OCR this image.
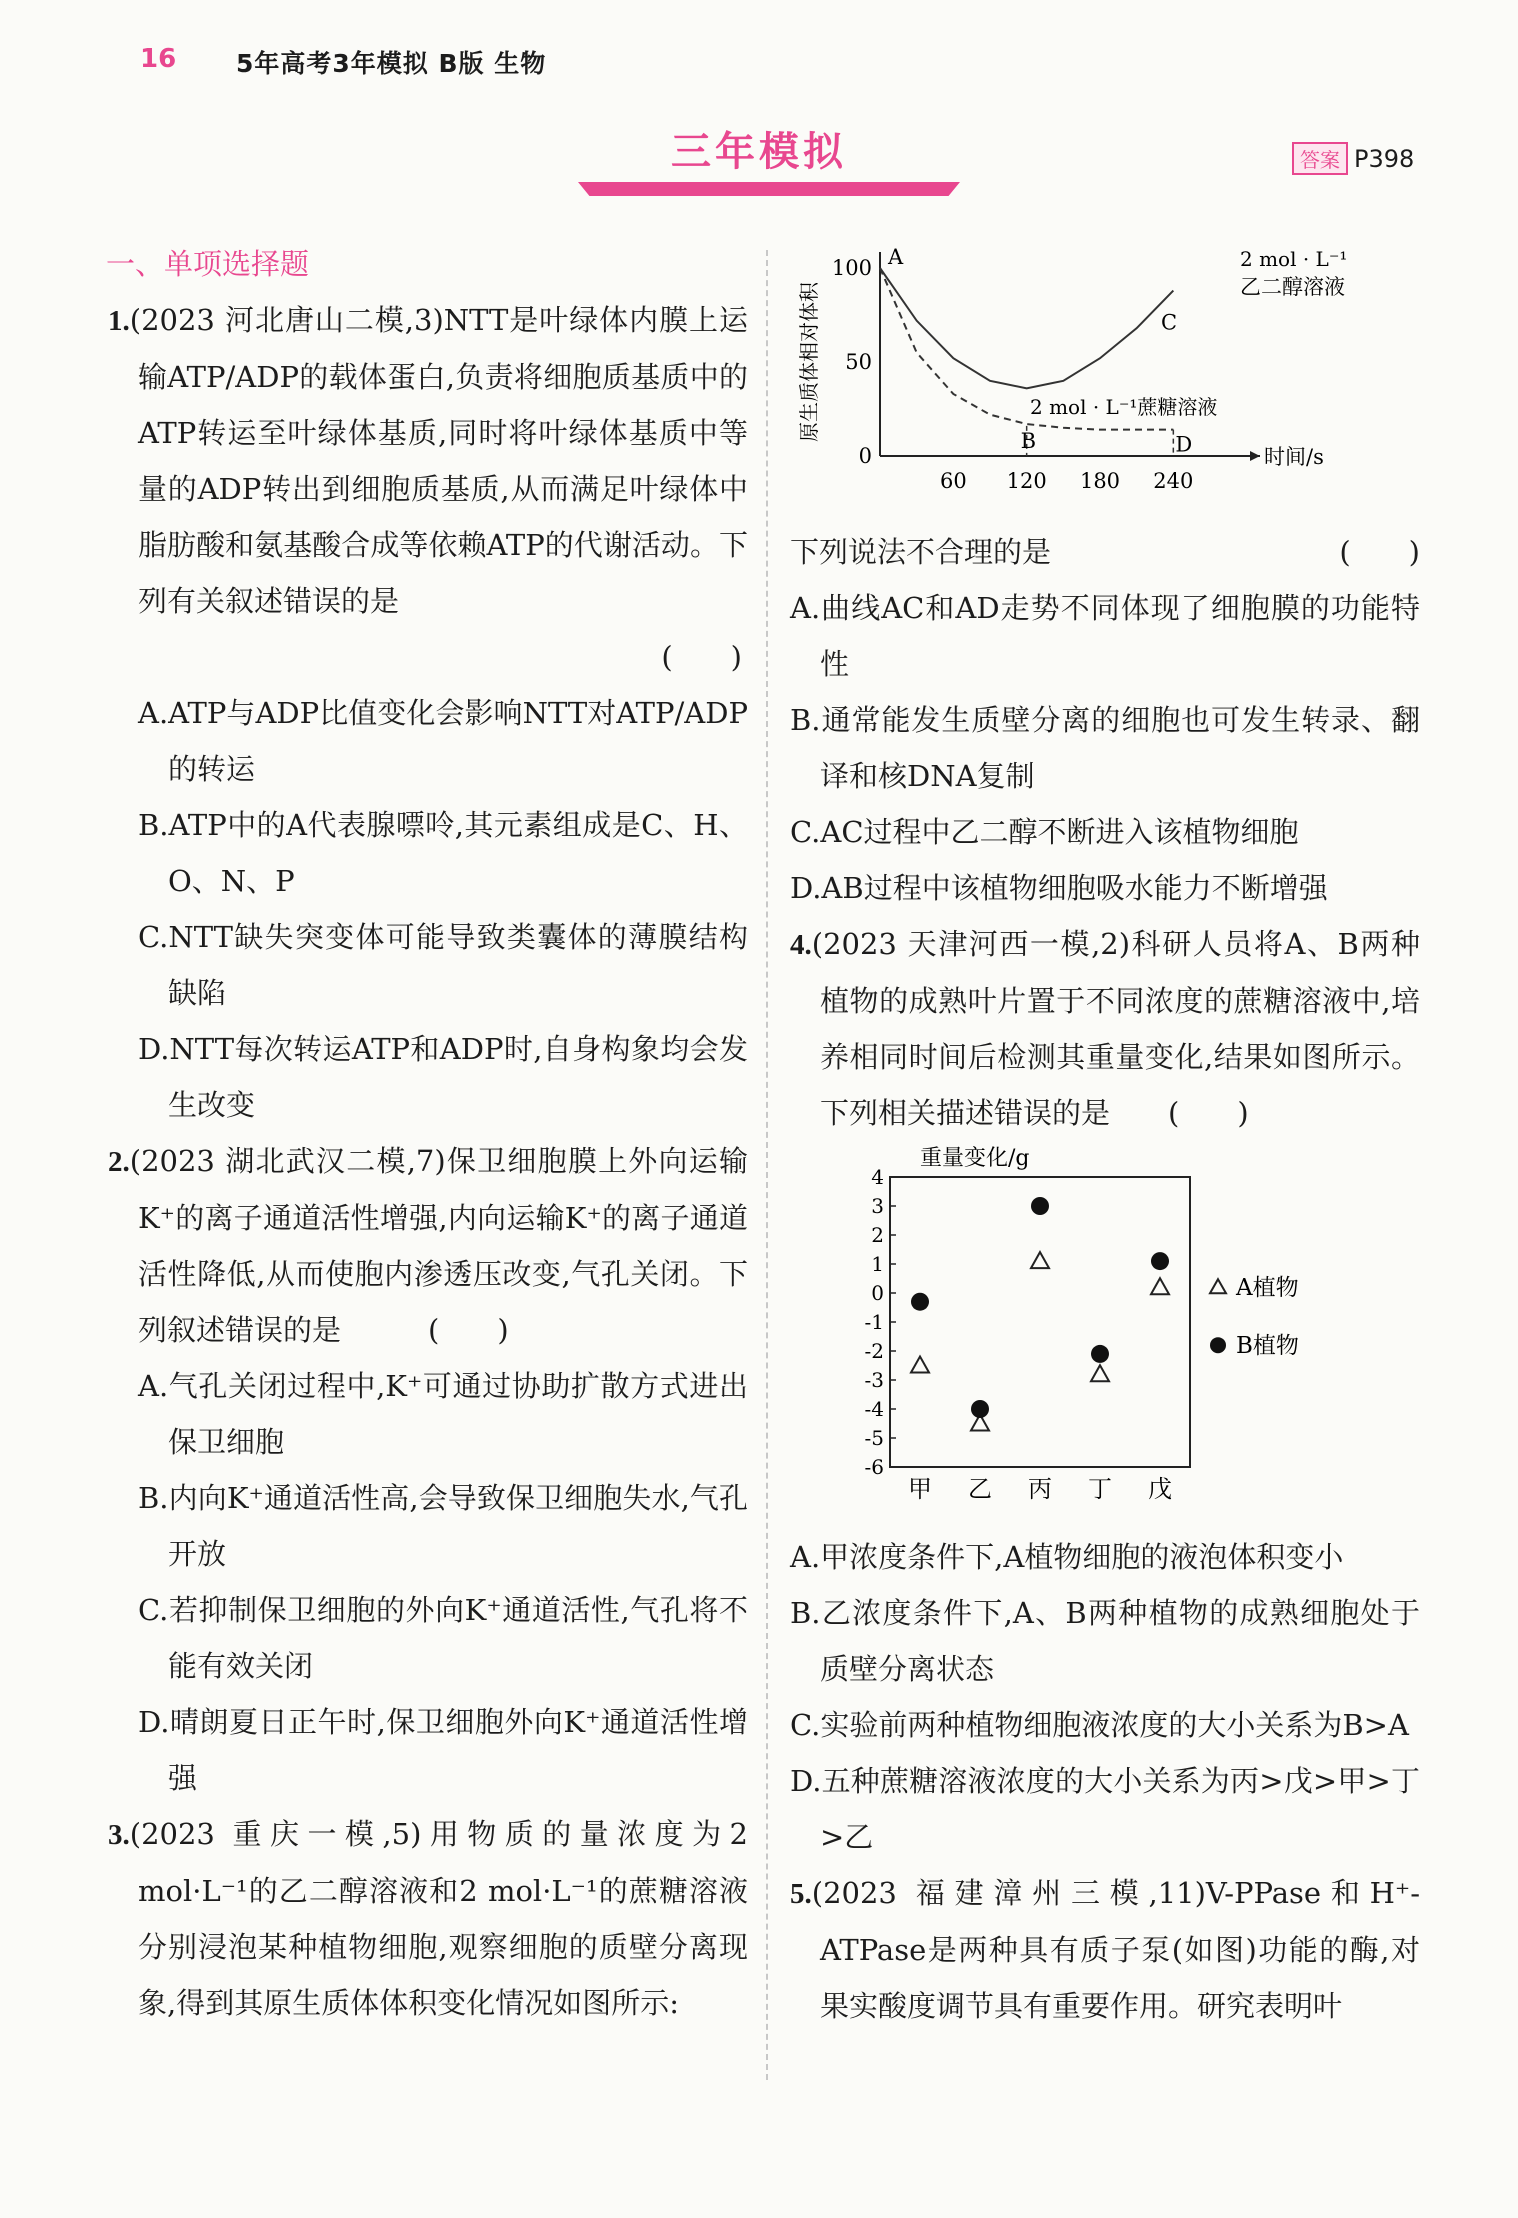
16 5年高考3年模拟 B版 生物
三年模拟	答案 P398
一、单项选择题
1.(2023 河北唐山二模,3)NTT是叶绿体内膜上运输ATP/ADP的载体蛋白,负责将细胞质基质中的ATP转运至叶绿体基质,同时将叶绿体基质中等量的ADP转出到细胞质基质,从而满足叶绿体中脂肪酸和氨基酸合成等依赖ATP的代谢活动。下列有关叙述错误的是
(　　)
A.ATP与ADP比值变化会影响NTT对ATP/ADP的转运
B.ATP中的A代表腺嘌呤,其元素组成是C、H、O、N、P
C.NTT缺失突变体可能导致类囊体的薄膜结构缺陷
D.NTT每次转运ATP和ADP时,自身构象均会发生改变
2.(2023 湖北武汉二模,7)保卫细胞膜上外向运输K⁺的离子通道活性增强,内向运输K⁺的离子通道活性降低,从而使胞内渗透压改变,气孔关闭。下列叙述错误的是　　　(　　)
A.气孔关闭过程中,K⁺可通过协助扩散方式进出保卫细胞
B.内向K⁺通道活性高,会导致保卫细胞失水,气孔开放
C.若抑制保卫细胞的外向K⁺通道活性,气孔将不能有效关闭
D.晴朗夏日正午时,保卫细胞外向K⁺通道活性增强
3.(2023 重庆一模,5)用物质的量浓度为2 mol·L⁻¹的乙二醇溶液和2 mol·L⁻¹的蔗糖溶液分别浸泡某种植物细胞,观察细胞的质壁分离现象,得到其原生质体体积变化情况如图所示:
原生质体相对体积
时间/s
0
50
100
60 120 180 240
A
B
C
D
2 mol · L⁻¹
乙二醇溶液
2 mol · L⁻¹蔗糖溶液
下列说法不合理的是	(　　)
A.曲线AC和AD走势不同体现了细胞膜的功能特性
B.通常能发生质壁分离的细胞也可发生转录、翻译和核DNA复制
C.AC过程中乙二醇不断进入该植物细胞
D.AB过程中该植物细胞吸水能力不断增强
4.(2023 天津河西一模,2)科研人员将A、B两种植物的成熟叶片置于不同浓度的蔗糖溶液中,培养相同时间后检测其重量变化,结果如图所示。下列相关描述错误的是　　(　　)
重量变化/g
4
3
2
1
0
-1
-2
-3
-4
-5
-6
甲 乙 丙 丁 戊
A植物
B植物
A.甲浓度条件下,A植物细胞的液泡体积变小
B.乙浓度条件下,A、B两种植物的成熟细胞处于质壁分离状态
C.实验前两种植物细胞液浓度的大小关系为B>A
D.五种蔗糖溶液浓度的大小关系为丙>戊>甲>丁>乙
5.(2023 福建漳州三模,11)V-PPase和H⁺-ATPase是两种具有质子泵(如图)功能的酶,对果实酸度调节具有重要作用。研究表明叶
